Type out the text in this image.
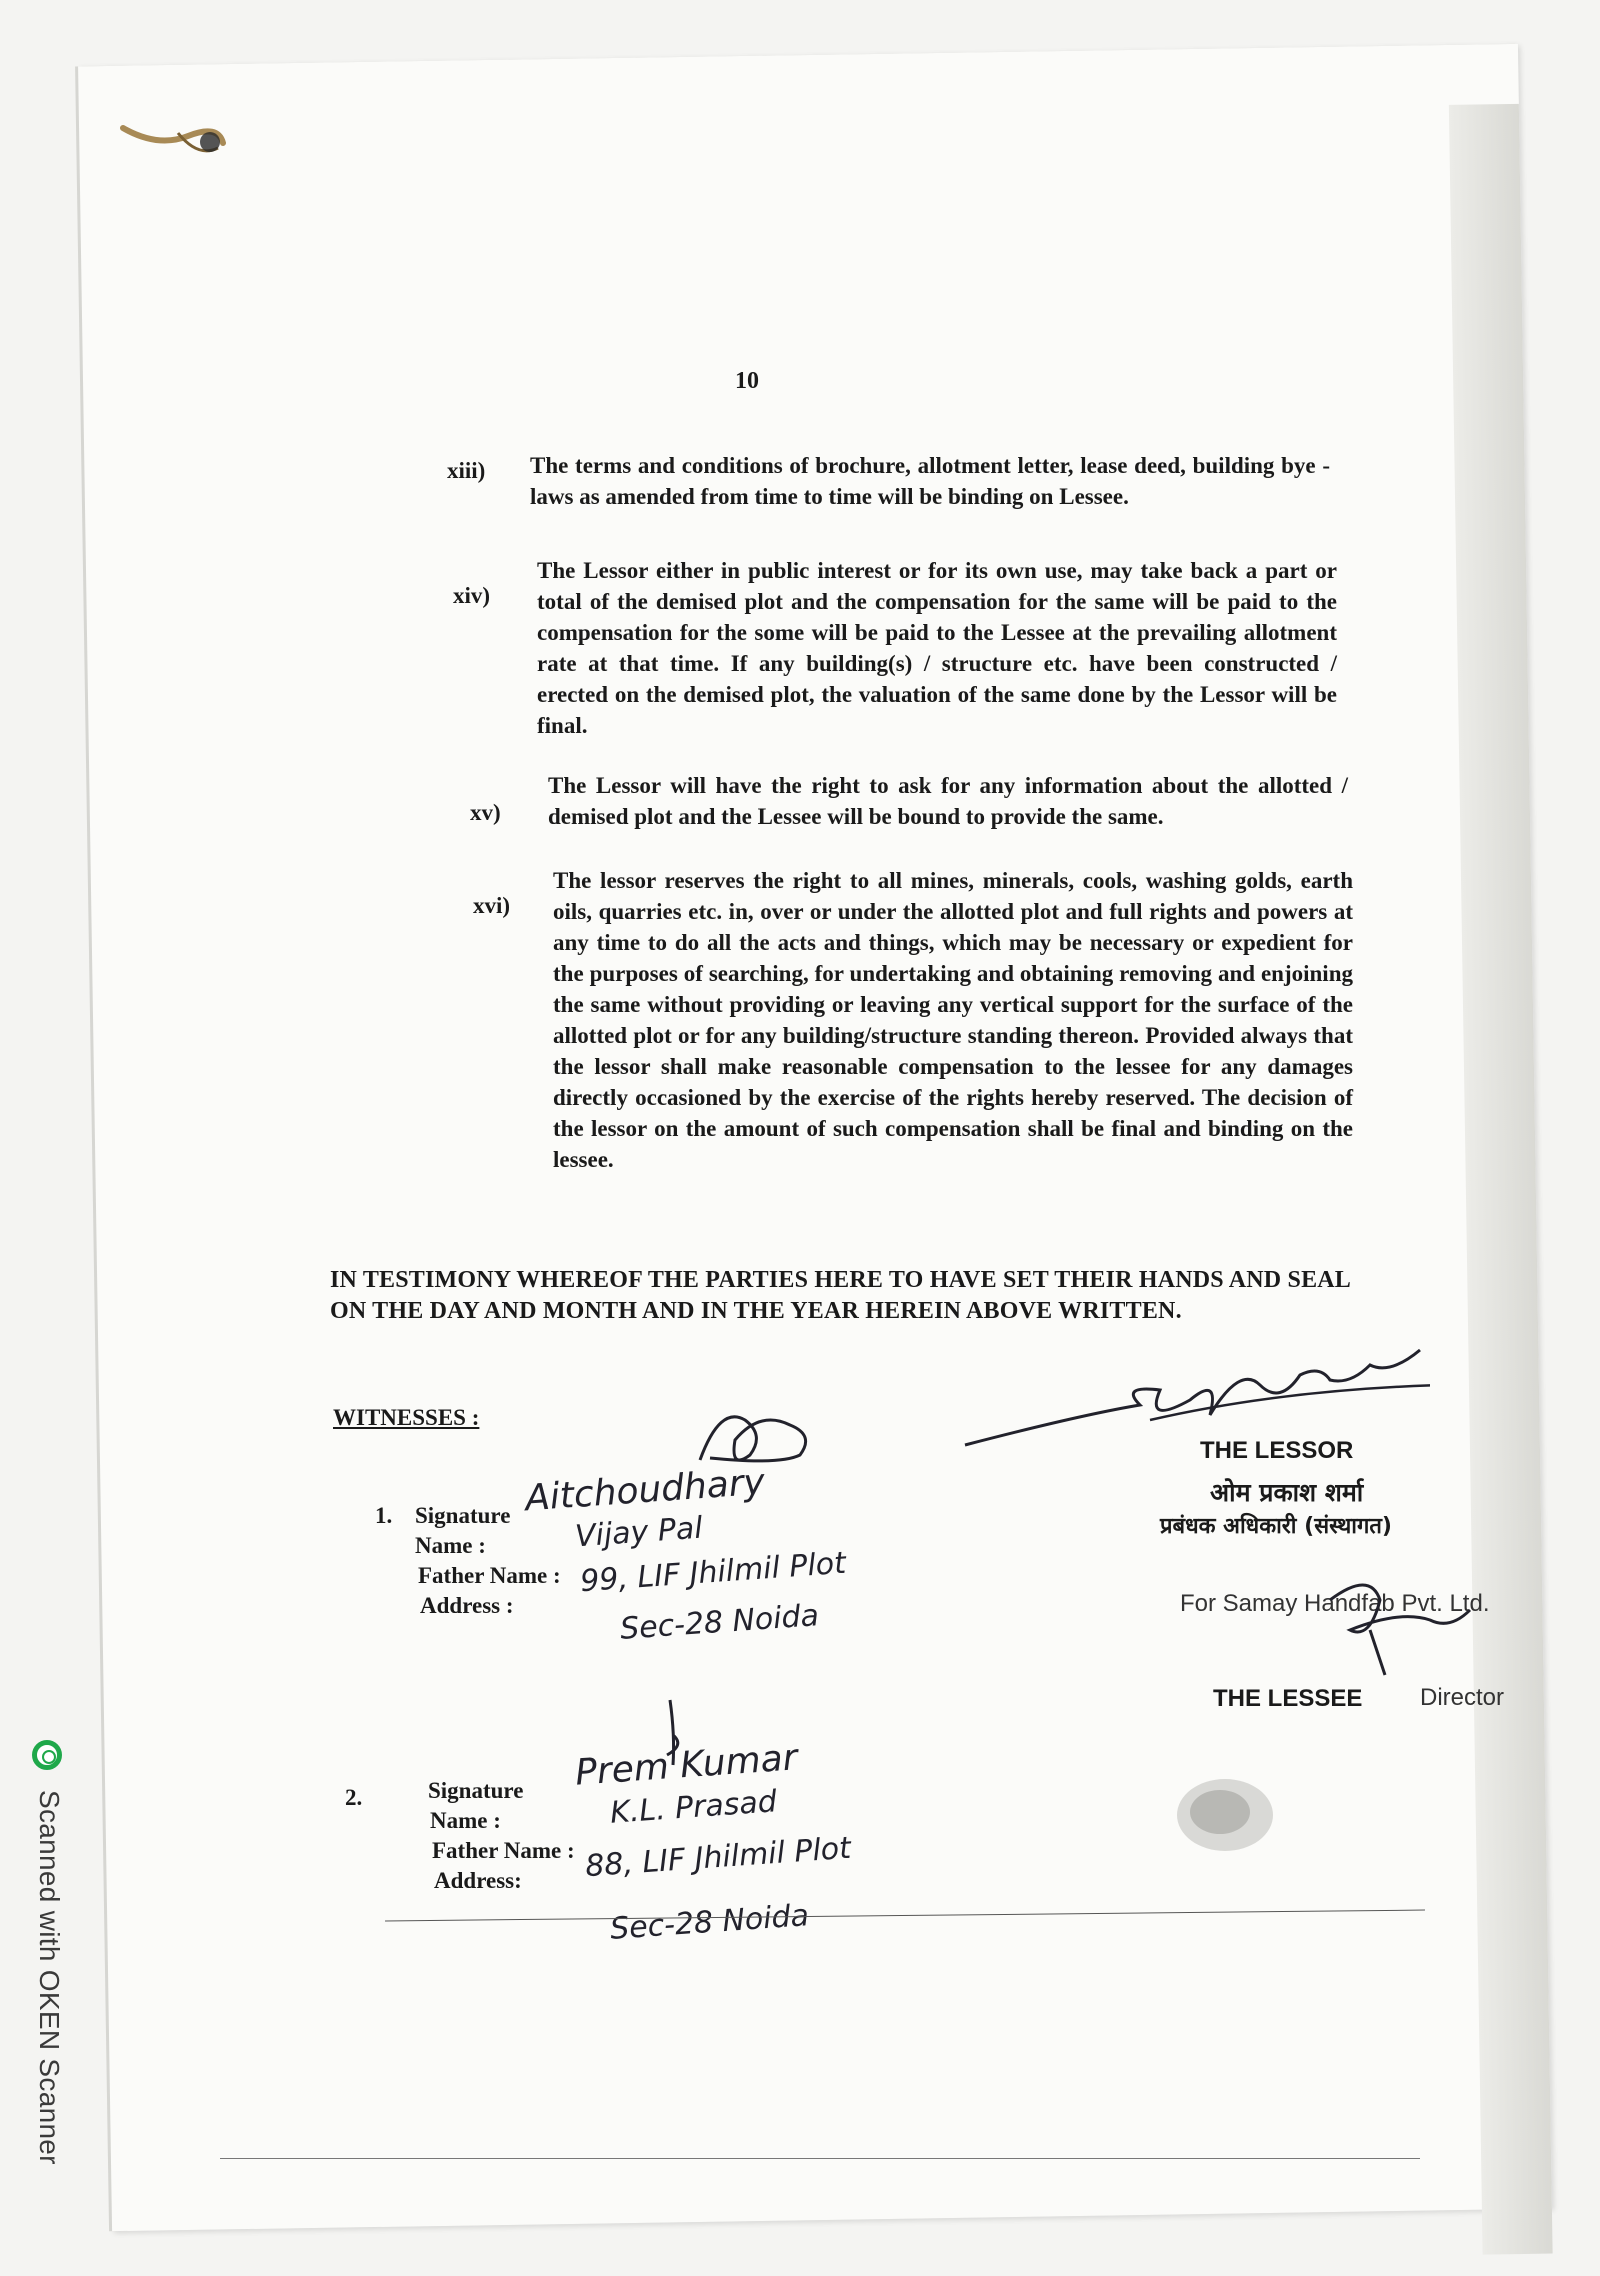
10
xiii) The terms and conditions of brochure, allotment letter, lease deed, building bye - laws as amended from time to time will be binding on Lessee.
xiv)
The Lessor either in public interest or for its own use, may take back a part or total of the demised plot and the compensation for the same will be paid to the compensation for the some will be paid to the Lessee at the prevailing allotment rate at that time. If any building(s) / structure etc. have been constructed / erected on the demised plot, the valuation of the same done by the Lessor will be final.
xv)
The Lessor will have the right to ask for any information about the allotted / demised plot and the Lessee will be bound to provide the same.
xvi)
The lessor reserves the right to all mines, minerals, cools, washing golds, earth oils, quarries etc. in, over or under the allotted plot and full rights and powers at any time to do all the acts and things, which may be necessary or expedient for the purposes of searching, for undertaking and obtaining removing and enjoining the same without providing or leaving any vertical support for the surface of the allotted plot or for any building/structure standing thereon. Provided always that the lessor shall make reasonable compensation to the lessee for any damages directly occasioned by the exercise of the rights hereby reserved. The decision of the lessor on the amount of such compensation shall be final and binding on the lessee.
IN TESTIMONY WHEREOF THE PARTIES HERE TO HAVE SET THEIR HANDS AND SEAL ON THE DAY AND MONTH AND IN THE YEAR HEREIN ABOVE WRITTEN.
WITNESSES :
1. Signature
Name :
Father Name :
Address :
Aitchoudhary
Vijay Pal
99, LIF Jhilmil Plot
Sec-28 Noida
2.	Signature
Name :
Father Name :
Address:
Prem Kumar
K.L. Prasad
88, LIF Jhilmil Plot
Sec-28 Noida
THE LESSOR
ओम प्रकाश शर्मा
प्रबंधक अधिकारी (संस्थागत)
For Samay Handfab Pvt. Ltd.
THE LESSEE Director
Scanned with OKEN Scanner
